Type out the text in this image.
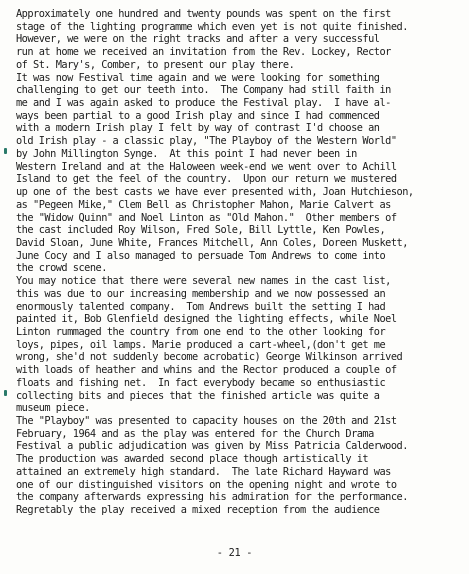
Approximately one hundred and twenty pounds was spent on the first
stage of the lighting programme which even yet is not quite finished.
However, we were on the right tracks and after a very successful
run at home we received an invitation from the Rev. Lockey, Rector
of St. Mary's, Comber, to present our play there.
It was now Festival time again and we were looking for something
challenging to get our teeth into.  The Company had still faith in
me and I was again asked to produce the Festival play.  I have al-
ways been partial to a good Irish play and since I had commenced
with a modern Irish play I felt by way of contrast I'd choose an
old Irish play - a classic play, "The Playboy of the Western World"
by John Millington Synge.  At this point I had never been in
Western Ireland and at the Haloween week-end we went over to Achill
Island to get the feel of the country.  Upon our return we mustered
up one of the best casts we have ever presented with, Joan Hutchieson,
as "Pegeen Mike," Clem Bell as Christopher Mahon, Marie Calvert as
the "Widow Quinn" and Noel Linton as "Old Mahon."  Other members of
the cast included Roy Wilson, Fred Sole, Bill Lyttle, Ken Powles,
David Sloan, June White, Frances Mitchell, Ann Coles, Doreen Muskett,
June Cocy and I also managed to persuade Tom Andrews to come into
the crowd scene.
You may notice that there were several new names in the cast list,
this was due to our increasing membership and we now possessed an
enormously talented company.  Tom Andrews built the setting I had
painted it, Bob Glenfield designed the lighting effects, while Noel
Linton rummaged the country from one end to the other looking for
loys, pipes, oil lamps. Marie produced a cart-wheel,(don't get me
wrong, she'd not suddenly become acrobatic) George Wilkinson arrived
with loads of heather and whins and the Rector produced a couple of
floats and fishing net.  In fact everybody became so enthusiastic
collecting bits and pieces that the finished article was quite a
museum piece.
The "Playboy" was presented to capacity houses on the 20th and 21st
February, 1964 and as the play was entered for the Church Drama
Festival a public adjudication was given by Miss Patricia Calderwood.
The production was awarded second place though artistically it
attained an extremely high standard.  The late Richard Hayward was
one of our distinguished visitors on the opening night and wrote to
the company afterwards expressing his admiration for the performance.
Regretably the play received a mixed reception from the audience
- 21 -
